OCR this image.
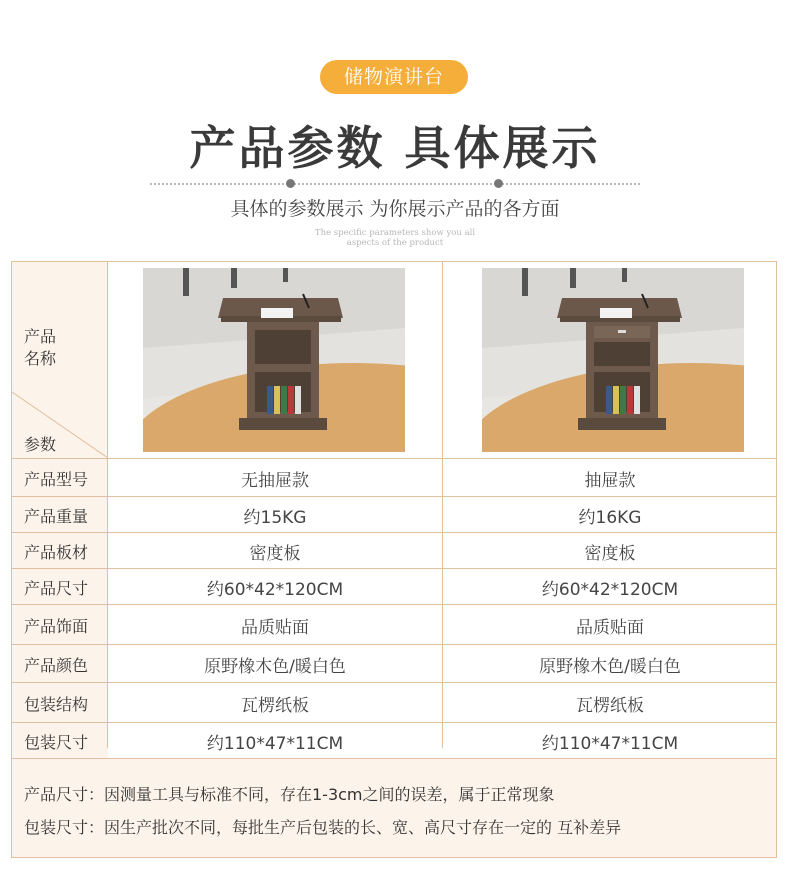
储物演讲台
产品参数 具体展示
具体的参数展示 为你展示产品的各方面
The specific parameters show you all
aspects of the product
产品
名称
参数
产品型号	无抽屉款	抽屉款
产品重量	约15KG	约16KG
产品板材	密度板	密度板
产品尺寸	约60*42*120CM	约60*42*120CM
产品饰面	品质贴面	品质贴面
产品颜色	原野橡木色/暖白色	原野橡木色/暖白色
包装结构	瓦楞纸板	瓦楞纸板
包装尺寸	约110*47*11CM	约110*47*11CM
产品尺寸：因测量工具与标准不同，存在1-3cm之间的误差，属于正常现象
包装尺寸：因生产批次不同，每批生产后包装的长、宽、高尺寸存在一定的 互补差异
